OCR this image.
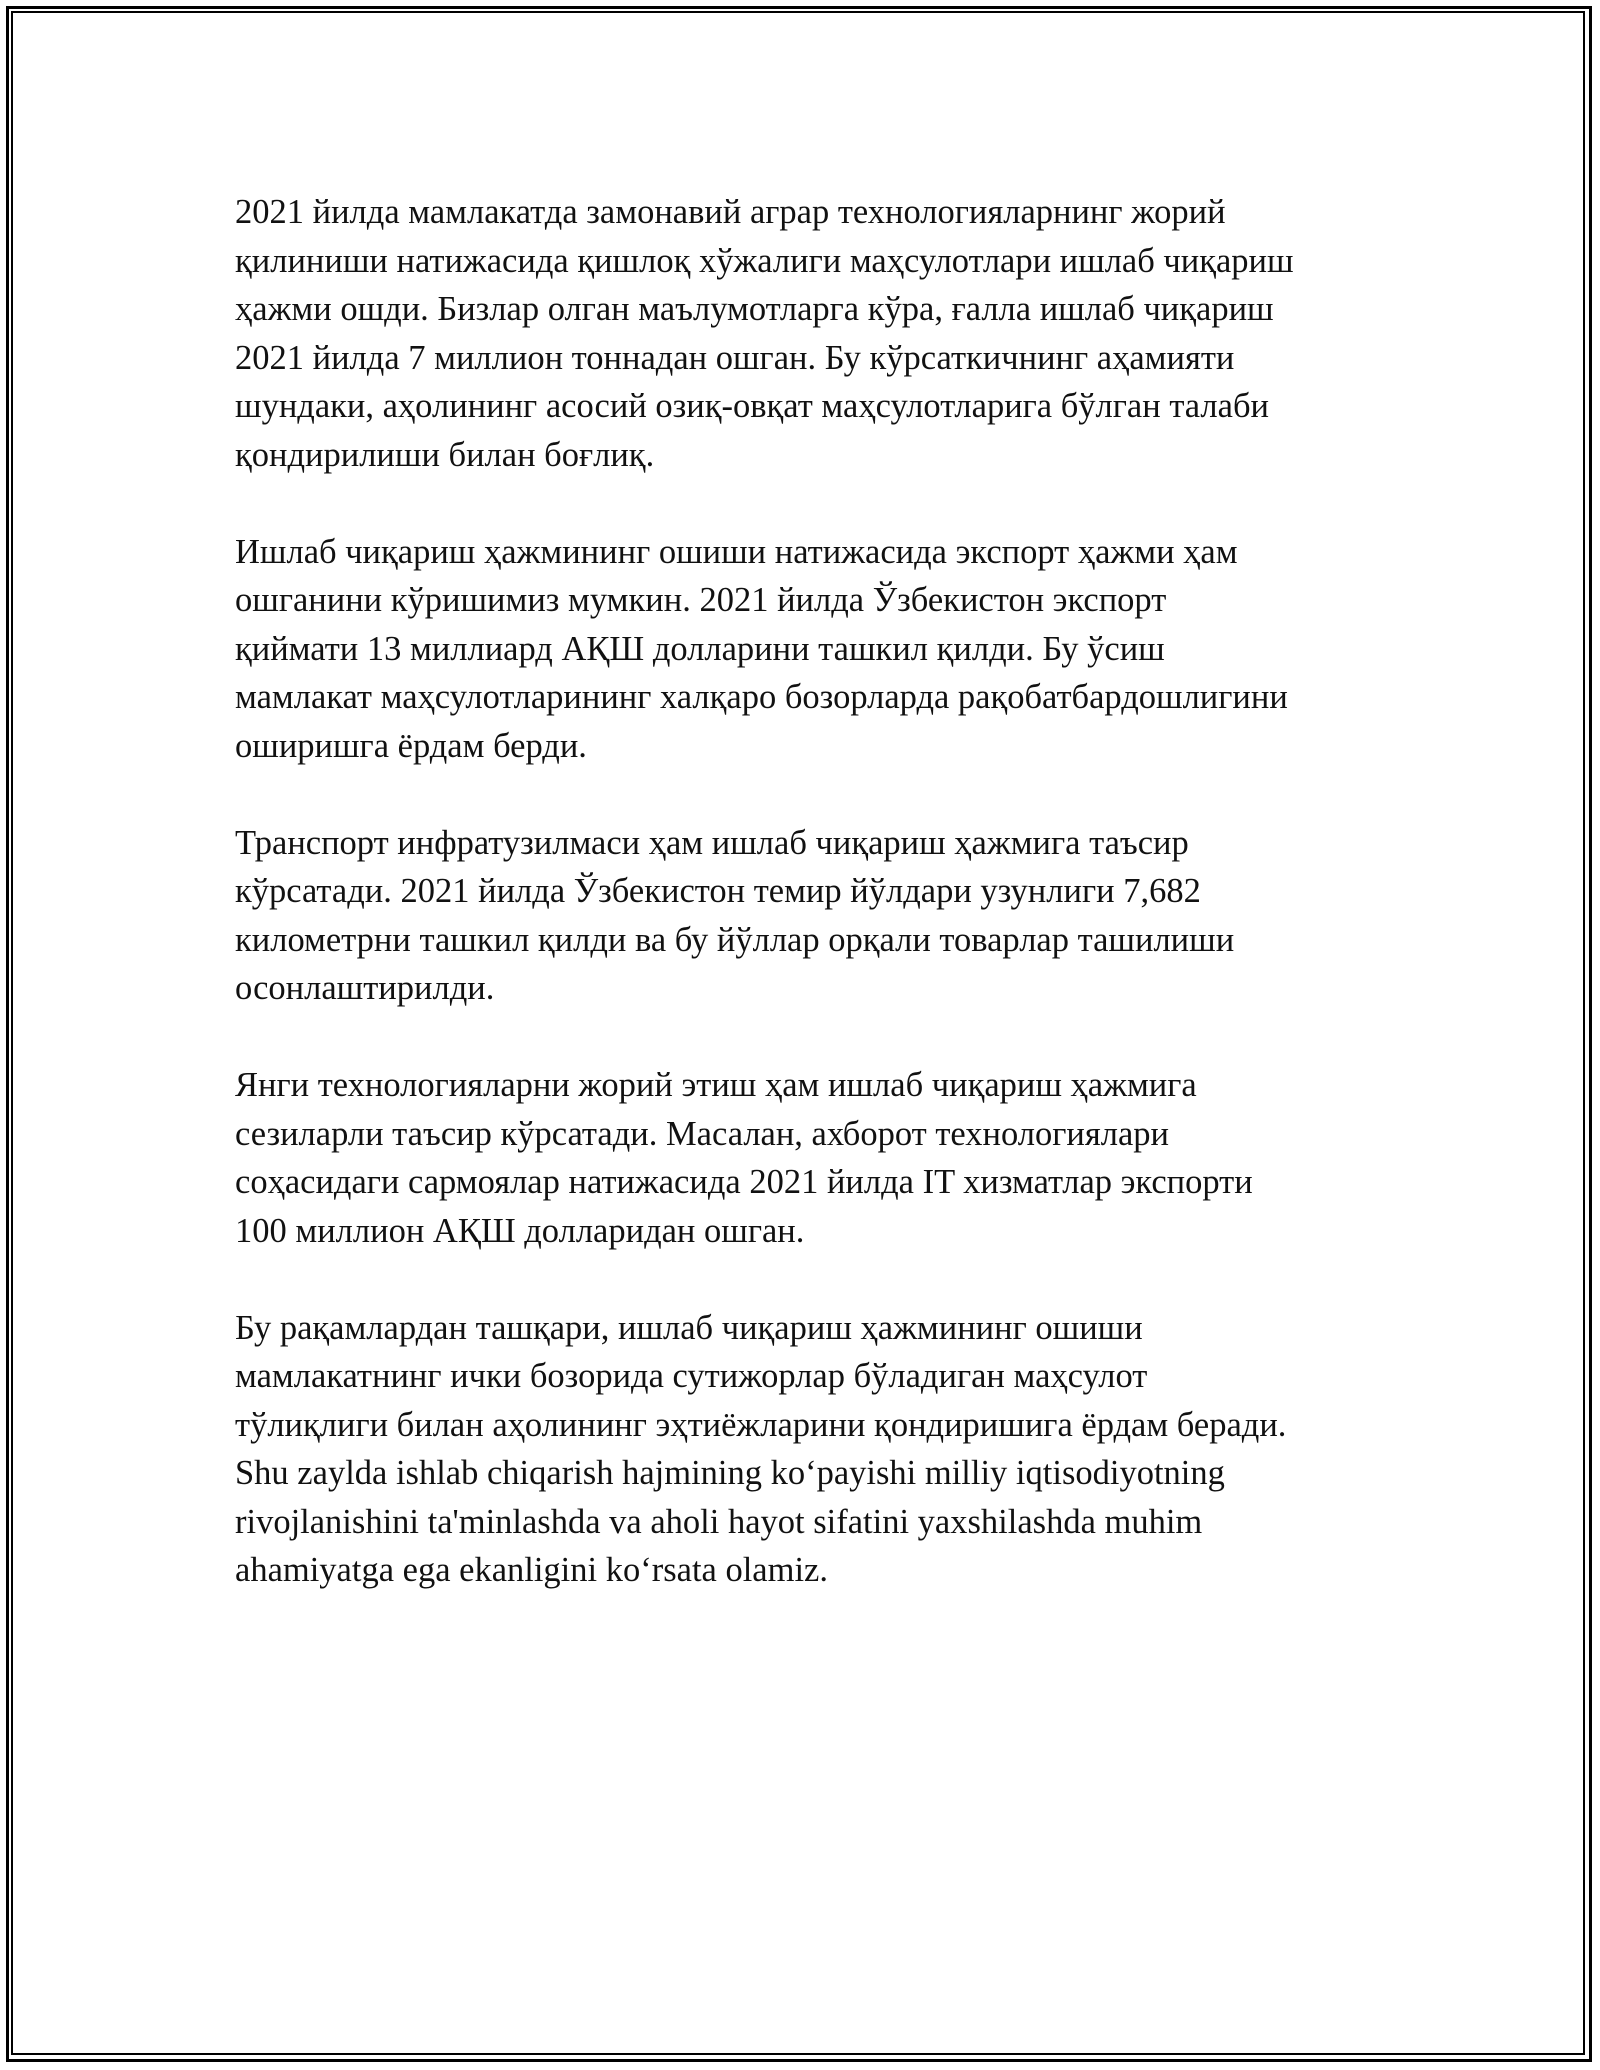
2021 йилда мамлакатда замонавий аграр технологияларнинг жорий
қилиниши натижасида қишлоқ хўжалиги маҳсулотлари ишлаб чиқариш
ҳажми ошди. Бизлар олган маълумотларга кўра, ғалла ишлаб чиқариш
2021 йилда 7 миллион тоннадан ошган. Бу кўрсаткичнинг аҳамияти
шундаки, аҳолининг асосий озиқ-овқат маҳсулотларига бўлган талаби
қондирилиши билан боғлиқ.

Ишлаб чиқариш ҳажмининг ошиши натижасида экспорт ҳажми ҳам
ошганини кўришимиз мумкин. 2021 йилда Ўзбекистон экспорт
қиймати 13 миллиард АҚШ долларини ташкил қилди. Бу ўсиш
мамлакат маҳсулотларининг халқаро бозорларда рақобатбардошлигини
оширишга ёрдам берди.

Транспорт инфратузилмаси ҳам ишлаб чиқариш ҳажмига таъсир
кўрсатади. 2021 йилда Ўзбекистон темир йўлдари узунлиги 7,682
километрни ташкил қилди ва бу йўллар орқали товарлар ташилиши
осонлаштирилди.

Янги технологияларни жорий этиш ҳам ишлаб чиқариш ҳажмига
сезиларли таъсир кўрсатади. Масалан, ахборот технологиялари
соҳасидаги сармоялар натижасида 2021 йилда IT хизматлар экспорти
100 миллион АҚШ долларидан ошган.

Бу рақамлардан ташқари, ишлаб чиқариш ҳажмининг ошиши
мамлакатнинг ички бозорида сутижорлар бўладиган маҳсулот
тўлиқлиги билан аҳолининг эҳтиёжларини қондиришига ёрдам беради.
Shu zaylda ishlab chiqarish hajmining koʻpayishi milliy iqtisodiyotning
rivojlanishini ta'minlashda va aholi hayot sifatini yaxshilashda muhim
ahamiyatga ega ekanligini koʻrsata olamiz.
